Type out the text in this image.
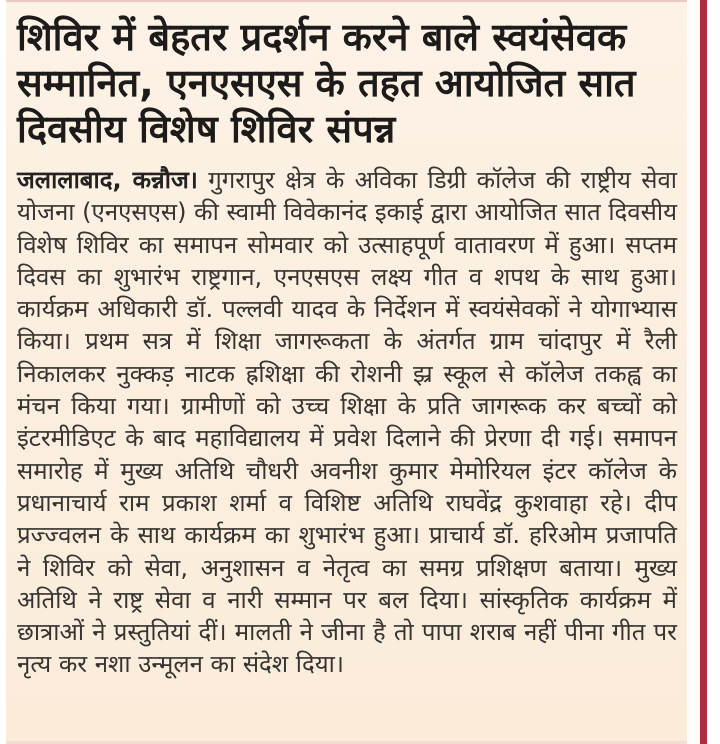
शिविर में बेहतर प्रदर्शन करने बाले स्वयंसेवक सम्मानित, एनएसएस के तहत आयोजित सात दिवसीय विशेष शिविर संपन्न

जलालाबाद, कन्नौज। गुगरापुर क्षेत्र के अविका डिग्री कॉलेज की राष्ट्रीय सेवा योजना (एनएसएस) की स्वामी विवेकानंद इकाई द्वारा आयोजित सात दिवसीय विशेष शिविर का समापन सोमवार को उत्साहपूर्ण वातावरण में हुआ। सप्तम दिवस का शुभारंभ राष्ट्रगान, एनएसएस लक्ष्य गीत व शपथ के साथ हुआ। कार्यक्रम अधिकारी डॉ. पल्लवी यादव के निर्देशन में स्वयंसेवकों ने योगाभ्यास किया। प्रथम सत्र में शिक्षा जागरूकता के अंतर्गत ग्राम चांदापुर में रैली निकालकर नुक्कड़ नाटक ह्रशिक्षा की रोशनी झ्र स्कूल से कॉलेज तकह्व का मंचन किया गया। ग्रामीणों को उच्च शिक्षा के प्रति जागरूक कर बच्चों को इंटरमीडिएट के बाद महाविद्यालय में प्रवेश दिलाने की प्रेरणा दी गई। समापन समारोह में मुख्य अतिथि चौधरी अवनीश कुमार मेमोरियल इंटर कॉलेज के प्रधानाचार्य राम प्रकाश शर्मा व विशिष्ट अतिथि राघवेंद्र कुशवाहा रहे। दीप प्रज्ज्वलन के साथ कार्यक्रम का शुभारंभ हुआ। प्राचार्य डॉ. हरिओम प्रजापति ने शिविर को सेवा, अनुशासन व नेतृत्व का समग्र प्रशिक्षण बताया। मुख्य अतिथि ने राष्ट्र सेवा व नारी सम्मान पर बल दिया। सांस्कृतिक कार्यक्रम में छात्राओं ने प्रस्तुतियां दीं। मालती ने जीना है तो पापा शराब नहीं पीना गीत पर नृत्य कर नशा उन्मूलन का संदेश दिया।
